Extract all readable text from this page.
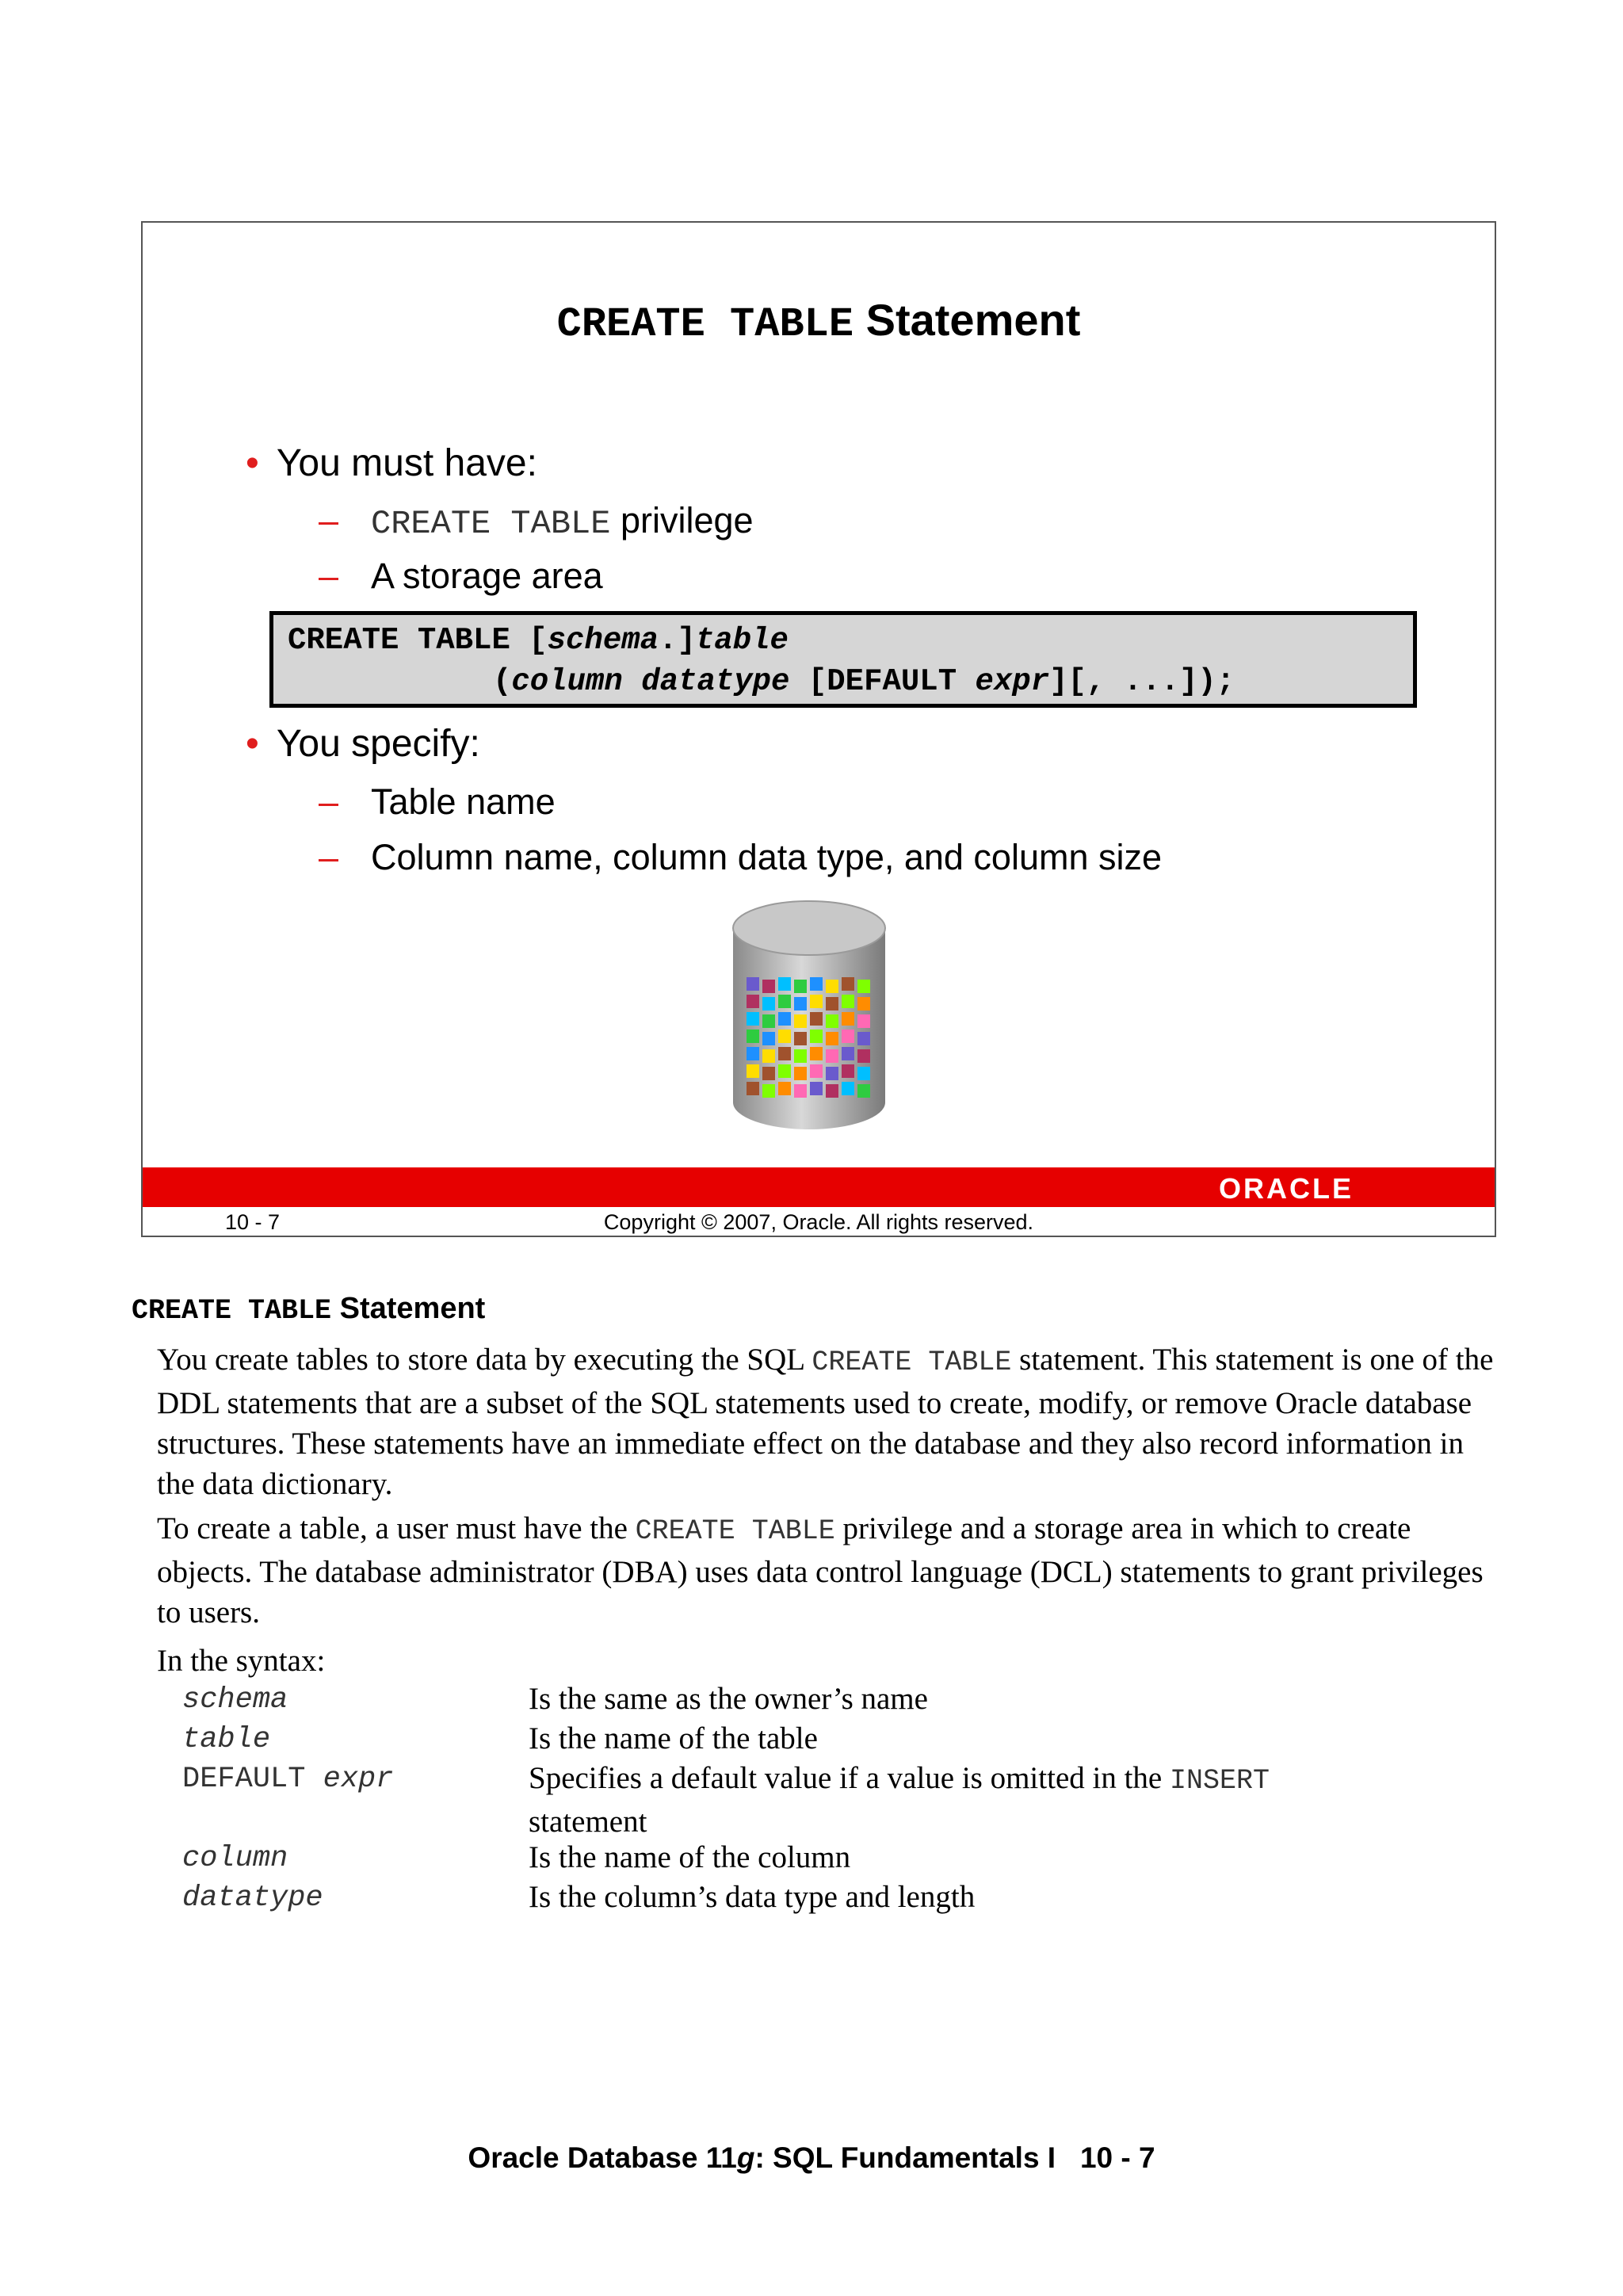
CREATE TABLE Statement
• You must have:
– CREATE TABLE privilege
– A storage area
CREATE TABLE [schema.]table
(column datatype [DEFAULT expr][, ...]);
• You specify:
– Table name
– Column name, column data type, and column size
ORACLE
10 - 7	Copyright © 2007, Oracle. All rights reserved.
CREATE TABLE Statement
You create tables to store data by executing the SQL CREATE TABLE statement. This statement is one of the DDL statements that are a subset of the SQL statements used to create, modify, or remove Oracle database structures. These statements have an immediate effect on the database and they also record information in the data dictionary.
To create a table, a user must have the CREATE TABLE privilege and a storage area in which to create objects. The database administrator (DBA) uses data control language (DCL) statements to grant privileges to users.
In the syntax:
schema	Is the same as the owner’s name
table	Is the name of the table
DEFAULT expr	Specifies a default value if a value is omitted in the INSERT
statement
column	Is the name of the column
datatype	Is the column’s data type and length
Oracle Database 11g: SQL Fundamentals I 10 - 7
